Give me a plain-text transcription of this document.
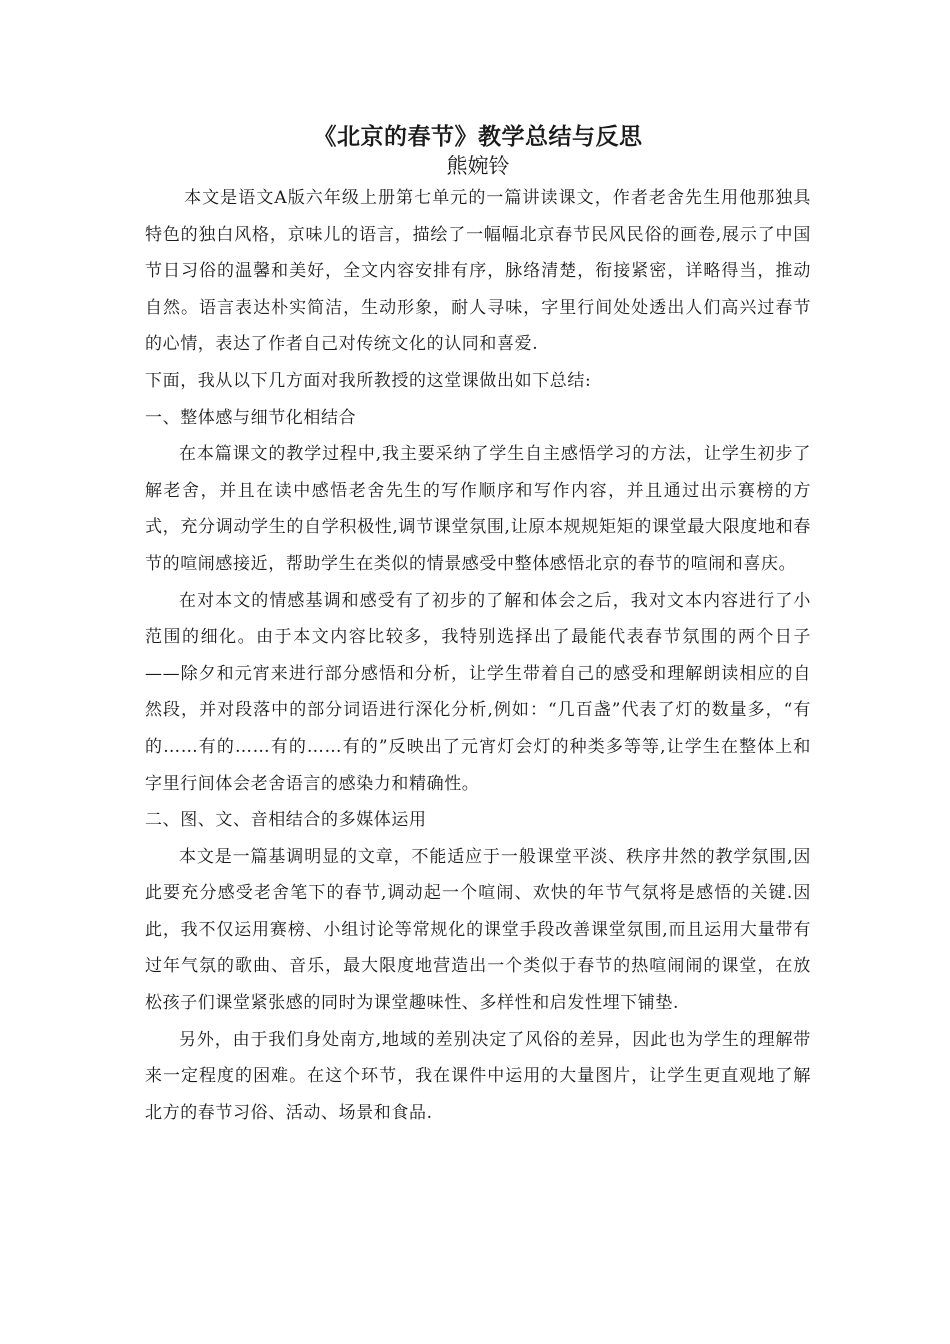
《北京的春节》教学总结与反思
熊婉铃

本文是语文A版六年级上册第七单元的一篇讲读课文，作者老舍先生用他那独具特色的独白风格，京味儿的语言，描绘了一幅幅北京春节民风民俗的画卷,展示了中国节日习俗的温馨和美好，全文内容安排有序，脉络清楚，衔接紧密，详略得当，推动自然。语言表达朴实简洁，生动形象，耐人寻味，字里行间处处透出人们高兴过春节的心情，表达了作者自己对传统文化的认同和喜爱.

下面，我从以下几方面对我所教授的这堂课做出如下总结:

一、整体感与细节化相结合

在本篇课文的教学过程中,我主要采纳了学生自主感悟学习的方法，让学生初步了解老舍，并且在读中感悟老舍先生的写作顺序和写作内容，并且通过出示赛榜的方式，充分调动学生的自学积极性,调节课堂氛围,让原本规规矩矩的课堂最大限度地和春节的喧闹感接近，帮助学生在类似的情景感受中整体感悟北京的春节的喧闹和喜庆。

在对本文的情感基调和感受有了初步的了解和体会之后，我对文本内容进行了小范围的细化。由于本文内容比较多，我特别选择出了最能代表春节氛围的两个日子——除夕和元宵来进行部分感悟和分析，让学生带着自己的感受和理解朗读相应的自然段，并对段落中的部分词语进行深化分析,例如：“几百盏”代表了灯的数量多，“有的……有的……有的……有的”反映出了元宵灯会灯的种类多等等,让学生在整体上和字里行间体会老舍语言的感染力和精确性。

二、图、文、音相结合的多媒体运用

本文是一篇基调明显的文章，不能适应于一般课堂平淡、秩序井然的教学氛围,因此要充分感受老舍笔下的春节,调动起一个喧闹、欢快的年节气氛将是感悟的关键.因此，我不仅运用赛榜、小组讨论等常规化的课堂手段改善课堂氛围,而且运用大量带有过年气氛的歌曲、音乐，最大限度地营造出一个类似于春节的热喧闹闹的课堂，在放松孩子们课堂紧张感的同时为课堂趣味性、多样性和启发性埋下铺垫.

另外，由于我们身处南方,地域的差别决定了风俗的差异，因此也为学生的理解带来一定程度的困难。在这个环节，我在课件中运用的大量图片，让学生更直观地了解北方的春节习俗、活动、场景和食品.
